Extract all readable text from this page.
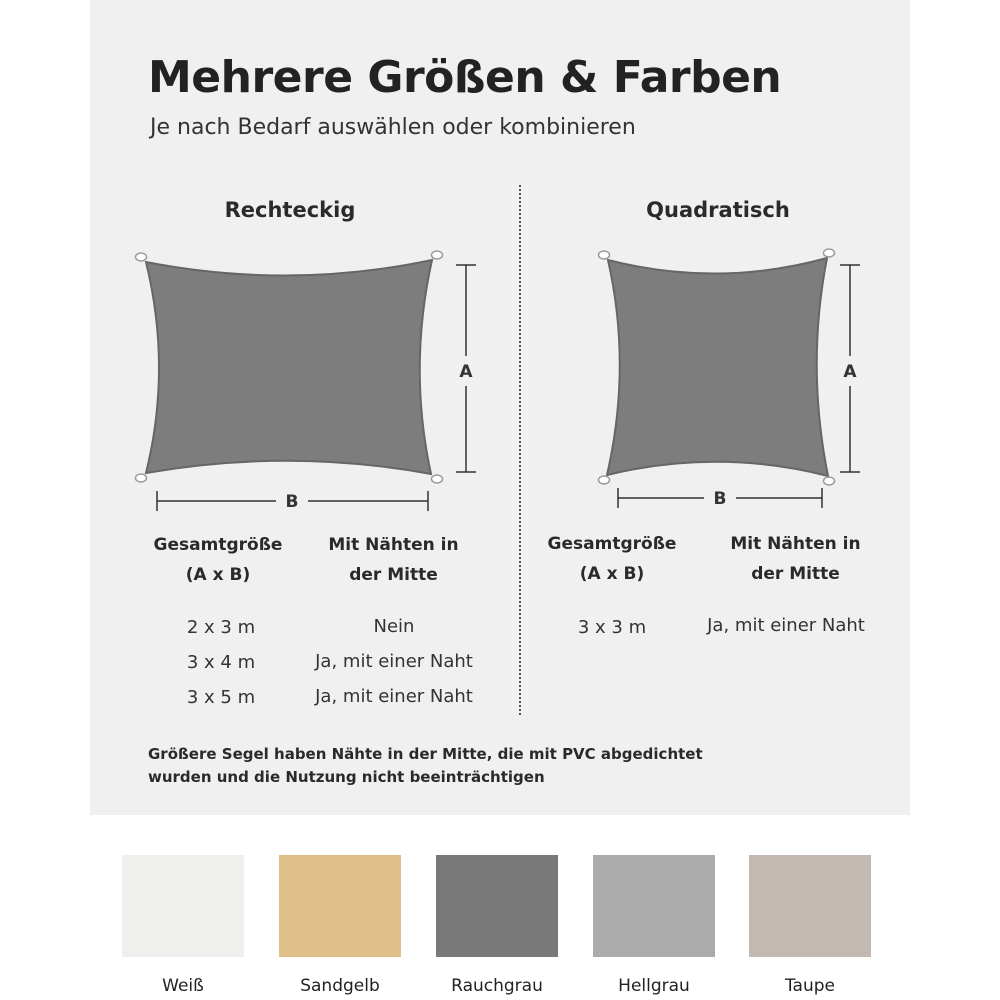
Mehrere Größen & Farben

Je nach Bedarf auswählen oder kombinieren

Rechteckig	Quadratisch
A
B
A
B
Gesamtgröße
(A x B)
Mit Nähten in
der Mitte
2 x 3 m	Nein
3 x 4 m	Ja, mit einer Naht
3 x 5 m	Ja, mit einer Naht
Gesamtgröße
(A x B)
Mit Nähten in
der Mitte
3 x 3 m	Ja, mit einer Naht

Größere Segel haben Nähte in der Mitte, die mit PVC abgedichtet wurden und die Nutzung nicht beeinträchtigen

Weiß	Sandgelb	Rauchgrau	Hellgrau	Taupe
